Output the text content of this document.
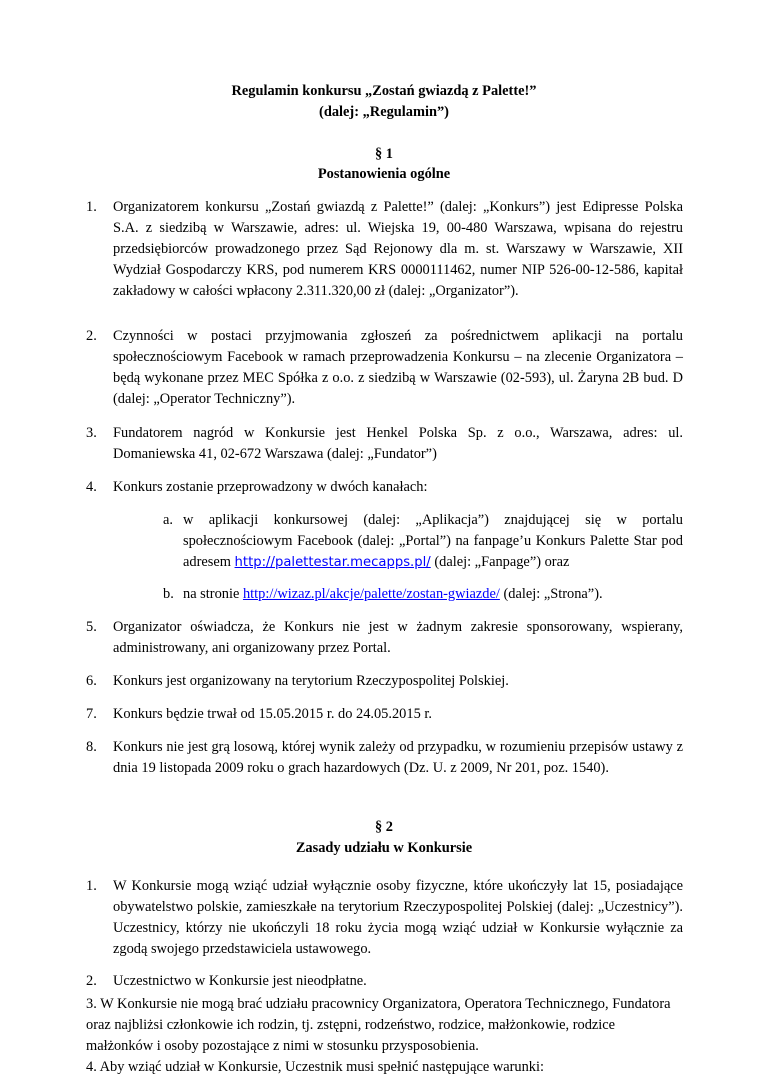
Regulamin konkursu „Zostań gwiazdą z Palette!”
(dalej: „Regulamin”)
§ 1
Postanowienia ogólne
1. Organizatorem konkursu „Zostań gwiazdą z Palette!” (dalej: „Konkurs”) jest Edipresse Polska S.A. z siedzibą w Warszawie, adres: ul. Wiejska 19, 00-480 Warszawa, wpisana do rejestru przedsiębiorców prowadzonego przez Sąd Rejonowy dla m. st. Warszawy w Warszawie, XII Wydział Gospodarczy KRS, pod numerem KRS 0000111462, numer NIP 526-00-12-586, kapitał zakładowy w całości wpłacony 2.311.320,00 zł (dalej: „Organizator”).
2. Czynności w postaci przyjmowania zgłoszeń za pośrednictwem aplikacji na portalu społecznościowym Facebook w ramach przeprowadzenia Konkursu – na zlecenie Organizatora – będą wykonane przez MEC Spółka z o.o. z siedzibą w Warszawie (02-593), ul. Żaryna 2B bud. D (dalej: „Operator Techniczny”).
3. Fundatorem nagród w Konkursie jest Henkel Polska Sp. z o.o., Warszawa, adres: ul. Domaniewska 41, 02-672 Warszawa (dalej: „Fundator”)
4. Konkurs zostanie przeprowadzony w dwóch kanałach:
a. w aplikacji konkursowej (dalej: „Aplikacja”) znajdującej się w portalu społecznościowym Facebook (dalej: „Portal”) na fanpage’u Konkurs Palette Star pod adresem http://palettestar.mecapps.pl/ (dalej: „Fanpage”) oraz
b. na stronie http://wizaz.pl/akcje/palette/zostan-gwiazde/ (dalej: „Strona”).
5. Organizator oświadcza, że Konkurs nie jest w żadnym zakresie sponsorowany, wspierany, administrowany, ani organizowany przez Portal.
6. Konkurs jest organizowany na terytorium Rzeczypospolitej Polskiej.
7. Konkurs będzie trwał od 15.05.2015 r. do 24.05.2015 r.
8. Konkurs nie jest grą losową, której wynik zależy od przypadku, w rozumieniu przepisów ustawy z dnia 19 listopada 2009 roku o grach hazardowych (Dz. U. z 2009, Nr 201, poz. 1540).
§ 2
Zasady udziału w Konkursie
1. W Konkursie mogą wziąć udział wyłącznie osoby fizyczne, które ukończyły lat 15, posiadające obywatelstwo polskie, zamieszkałe na terytorium Rzeczypospolitej Polskiej (dalej: „Uczestnicy”). Uczestnicy, którzy nie ukończyli 18 roku życia mogą wziąć udział w Konkursie wyłącznie za zgodą swojego przedstawiciela ustawowego.
2. Uczestnictwo w Konkursie jest nieodpłatne.
3. W Konkursie nie mogą brać udziału pracownicy Organizatora, Operatora Technicznego, Fundatora oraz najbliżsi członkowie ich rodzin, tj. zstępni, rodzeństwo, rodzice, małżonkowie, rodzice małżonków i osoby pozostające z nimi w stosunku przysposobienia.
4. Aby wziąć udział w Konkursie, Uczestnik musi spełnić następujące warunki:
